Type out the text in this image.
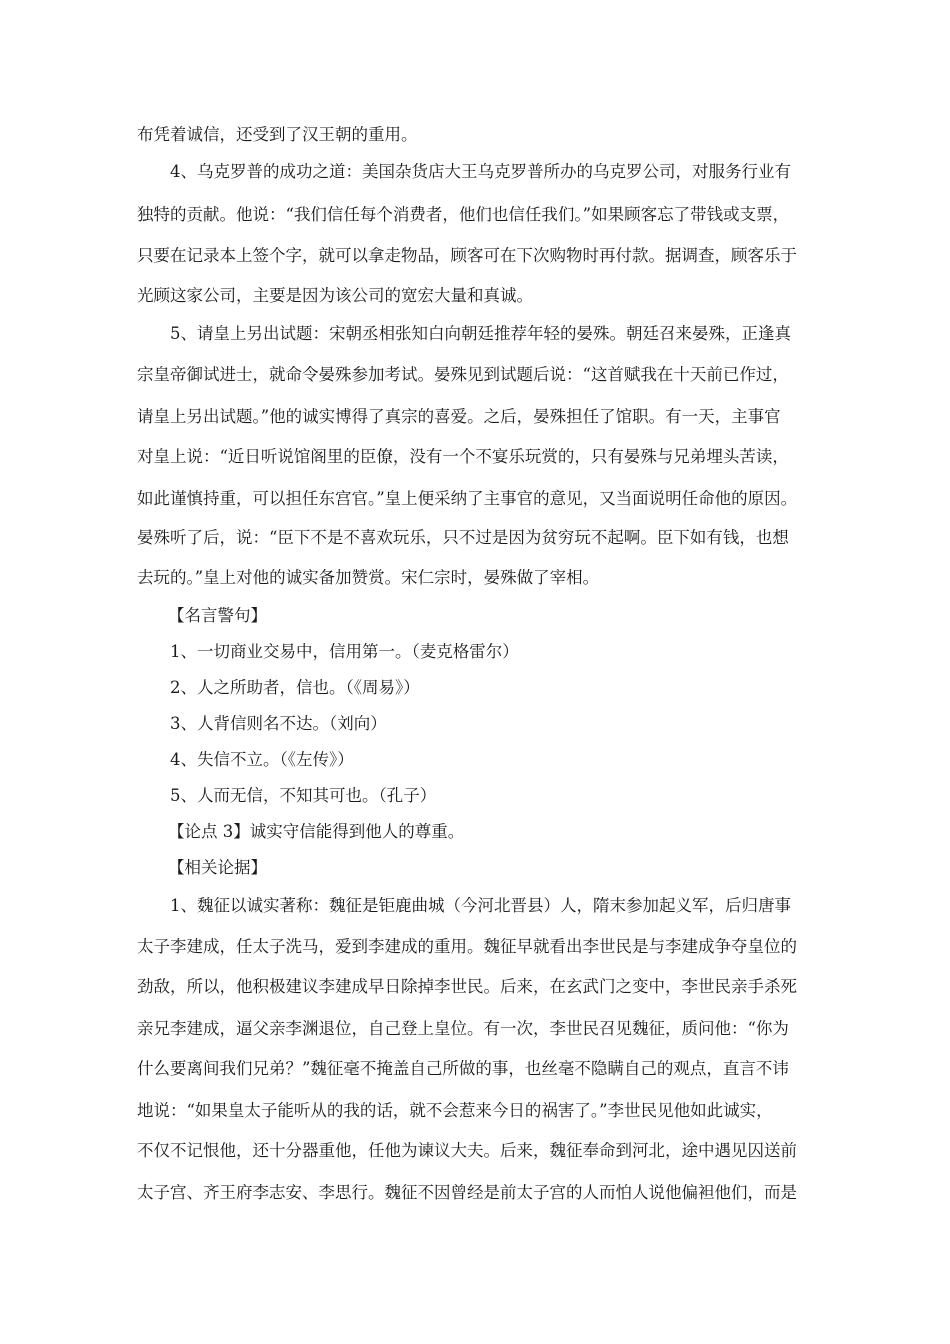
布凭着诚信，还受到了汉王朝的重用。
4、乌克罗普的成功之道：美国杂货店大王乌克罗普所办的乌克罗公司，对服务行业有
独特的贡献。他说：“我们信任每个消费者，他们也信任我们。”如果顾客忘了带钱或支票，
只要在记录本上签个字，就可以拿走物品，顾客可在下次购物时再付款。据调查，顾客乐于
光顾这家公司，主要是因为该公司的宽宏大量和真诚。
5、请皇上另出试题：宋朝丞相张知白向朝廷推荐年轻的晏殊。朝廷召来晏殊，正逢真
宗皇帝御试进士，就命令晏殊参加考试。晏殊见到试题后说：“这首赋我在十天前已作过，
请皇上另出试题。”他的诚实博得了真宗的喜爱。之后，晏殊担任了馆职。有一天，主事官
对皇上说：“近日听说馆阁里的臣僚，没有一个不宴乐玩赏的，只有晏殊与兄弟埋头苦读，
如此谨慎持重，可以担任东宫官。”皇上便采纳了主事官的意见，又当面说明任命他的原因。
晏殊听了后，说：“臣下不是不喜欢玩乐，只不过是因为贫穷玩不起啊。臣下如有钱，也想
去玩的。”皇上对他的诚实备加赞赏。宋仁宗时，晏殊做了宰相。
【名言警句】
1、一切商业交易中，信用第一。（麦克格雷尔）
2、人之所助者，信也。（《周易》）
3、人背信则名不达。（刘向）
4、失信不立。（《左传》）
5、人而无信，不知其可也。（孔子）
【论点 3】诚实守信能得到他人的尊重。
【相关论据】
1、魏征以诚实著称：魏征是钜鹿曲城（今河北晋县）人，隋末参加起义军，后归唐事
太子李建成，任太子洗马，爱到李建成的重用。魏征早就看出李世民是与李建成争夺皇位的
劲敌，所以，他积极建议李建成早日除掉李世民。后来，在玄武门之变中，李世民亲手杀死
亲兄李建成，逼父亲李渊退位，自己登上皇位。有一次，李世民召见魏征，质问他：“你为
什么要离间我们兄弟？”魏征毫不掩盖自己所做的事，也丝毫不隐瞒自己的观点，直言不讳
地说：“如果皇太子能听从的我的话，就不会惹来今日的祸害了。”李世民见他如此诚实，
不仅不记恨他，还十分器重他，任他为谏议大夫。后来，魏征奉命到河北，途中遇见囚送前
太子宫、齐王府李志安、李思行。魏征不因曾经是前太子宫的人而怕人说他偏袒他们，而是
